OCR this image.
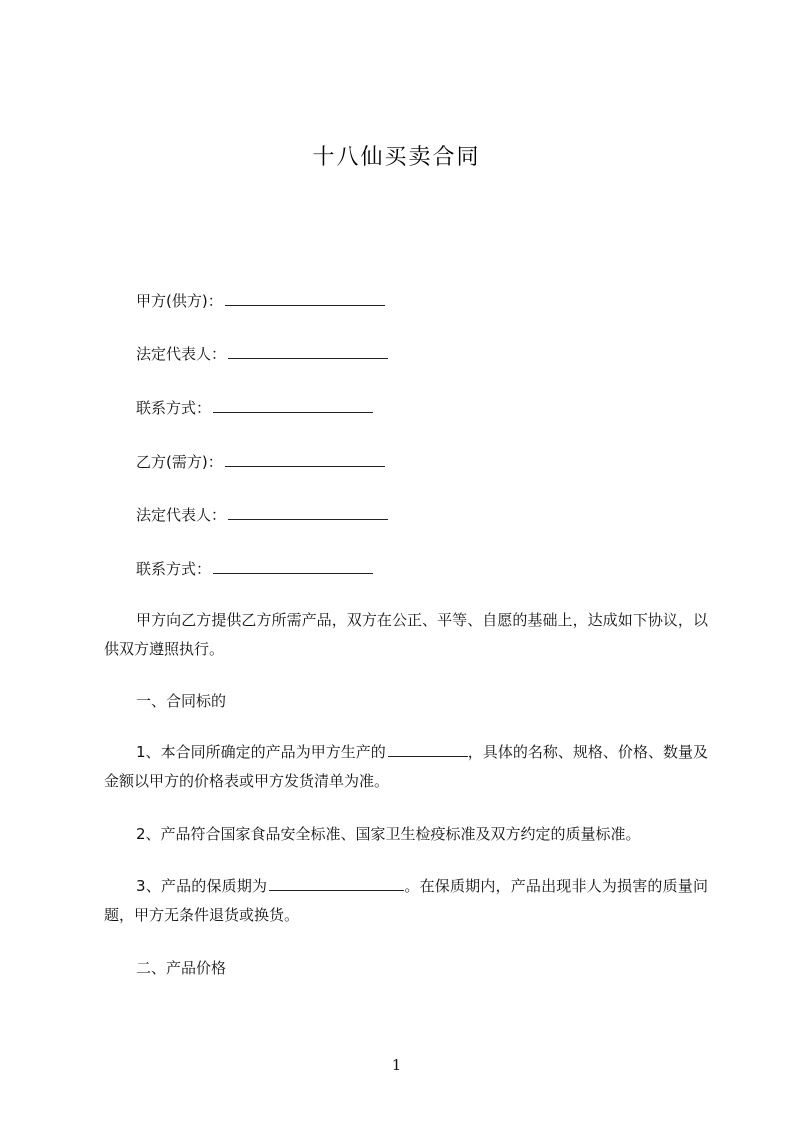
十八仙买卖合同
甲方(供方)：
法定代表人：
联系方式：
乙方(需方)：
法定代表人：
联系方式：
甲方向乙方提供乙方所需产品，双方在公正、平等、自愿的基础上，达成如下协议，以供双方遵照执行。
一、合同标的
1、本合同所确定的产品为甲方生产的	，具体的名称、规格、价格、数量及金额以甲方的价格表或甲方发货清单为准。
2、产品符合国家食品安全标准、国家卫生检疫标准及双方约定的质量标准。
3、产品的保质期为	。在保质期内，产品出现非人为损害的质量问题，甲方无条件退货或换货。
二、产品价格
1
